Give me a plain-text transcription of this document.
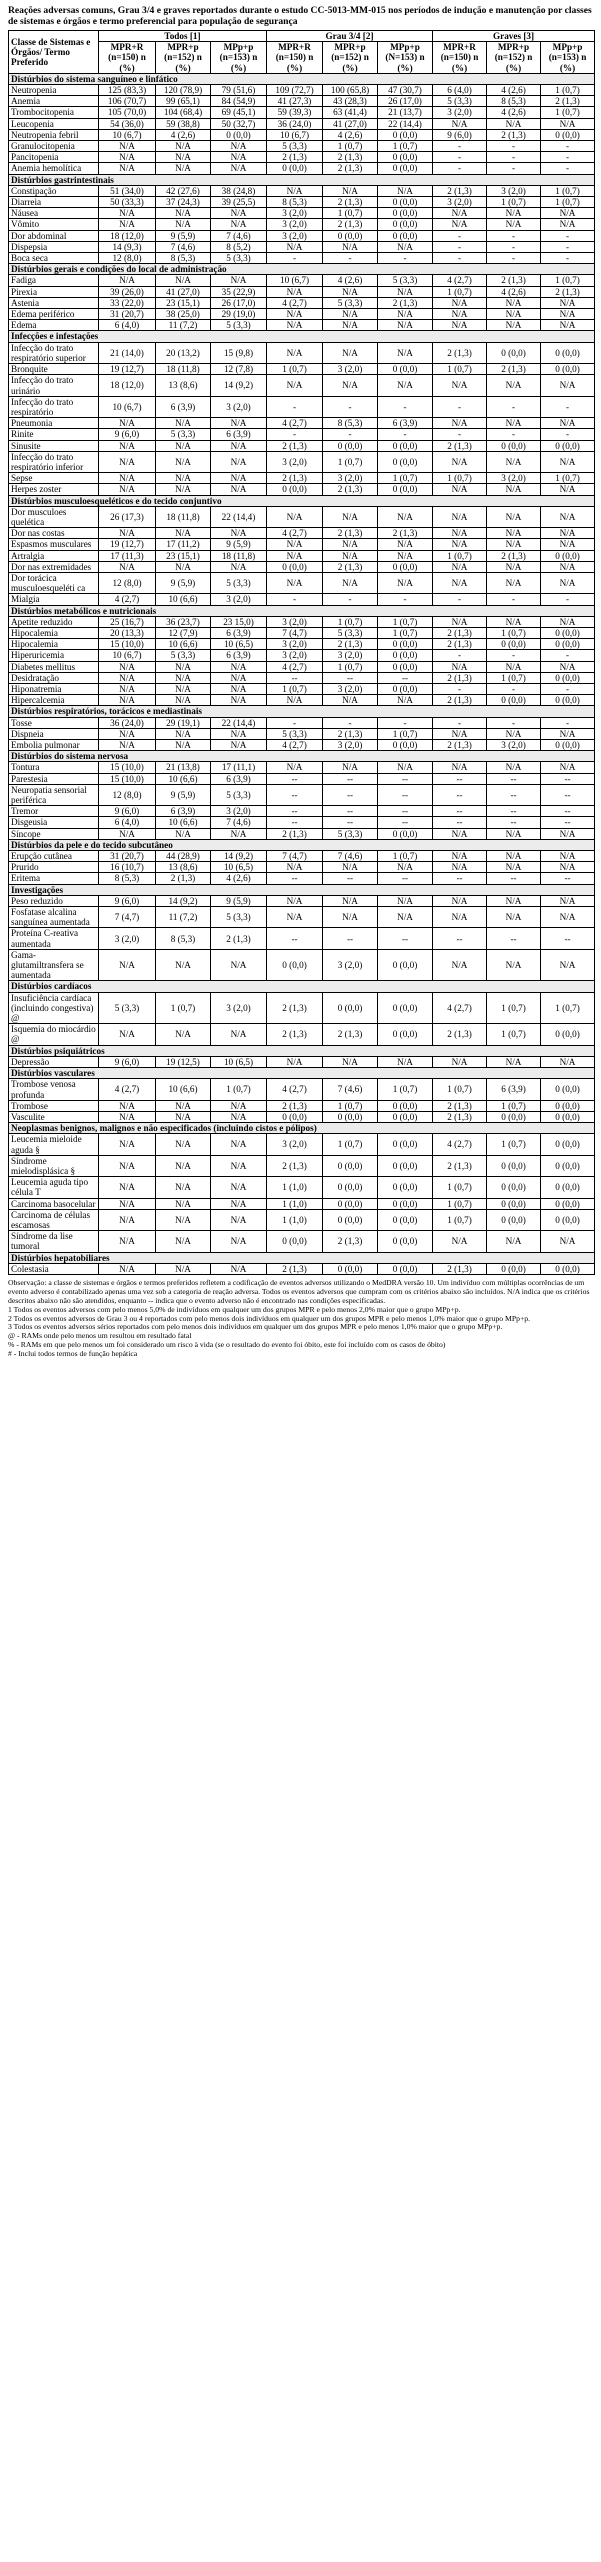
Reações adversas comuns, Grau 3/4 e graves reportados durante o estudo CC-5013-MM-015 nos períodos de indução e manutenção por classes de sistemas e órgãos e termo preferencial para população de segurança
Classe de Sistemas e Órgãos/ Termo Preferido	Todos [1]			Grau 3/4 [2]			Graves [3]		
	MPR+R (n=150) n (%)	MPR+p (n=152) n (%)	MPp+p (n=153) n (%)	MPR+R (n=150) n (%)	MPR+p (n=152) n (%)	MPp+p (N=153) n (%)	MPR+R (n=150) n (%)	MPR+p (n=152) n (%)	MPp+p (n=153) n (%)
Distúrbios do sistema sanguíneo e linfático									
Neutropenia	125 (83,3)	120 (78,9)	79 (51,6)	109 (72,7)	100 (65,8)	47 (30,7)	6 (4,0)	4 (2,6)	1 (0,7)
Anemia	106 (70,7)	99 (65,1)	84 (54,9)	41 (27,3)	43 (28,3)	26 (17,0)	5 (3,3)	8 (5,3)	2 (1,3)
Trombocitopenia	105 (70,0)	104 (68,4)	69 (45,1)	59 (39,3)	63 (41,4)	21 (13,7)	3 (2,0)	4 (2,6)	1 (0,7)
Leucopenia	54 (36,0)	59 (38,8)	50 (32,7)	36 (24,0)	41 (27,0)	22 (14,4)	N/A	N/A	N/A
Neutropenia febril	10 (6,7)	4 (2,6)	0 (0,0)	10 (6,7)	4 (2,6)	0 (0,0)	9 (6,0)	2 (1,3)	0 (0,0)
Granulocitopenia	N/A	N/A	N/A	5 (3,3)	1 (0,7)	1 (0,7)	-	-	-
Pancitopenia	N/A	N/A	N/A	2 (1,3)	2 (1,3)	0 (0,0)	-	-	-
Anemia hemolítica	N/A	N/A	N/A	0 (0,0)	2 (1,3)	0 (0,0)	-	-	-
Distúrbios gastrintestinais									
Constipação	51 (34,0)	42 (27,6)	38 (24,8)	N/A	N/A	N/A	2 (1,3)	3 (2,0)	1 (0,7)
Diarreia	50 (33,3)	37 (24,3)	39 (25,5)	8 (5,3)	2 (1,3)	0 (0,0)	3 (2,0)	1 (0,7)	1 (0,7)
Náusea	N/A	N/A	N/A	3 (2,0)	1 (0,7)	0 (0,0)	N/A	N/A	N/A
Vômito	N/A	N/A	N/A	3 (2,0)	2 (1,3)	0 (0,0)	N/A	N/A	N/A
Dor abdominal	18 (12,0)	9 (5,9)	7 (4,6)	3 (2,0)	0 (0,0)	0 (0,0)	-	-	-
Dispepsia	14 (9,3)	7 (4,6)	8 (5,2)	N/A	N/A	N/A	-	-	-
Boca seca	12 (8,0)	8 (5,3)	5 (3,3)	-	-	-	-	-	-
Distúrbios gerais e condições do local de administração									
Fadiga	N/A	N/A	N/A	10 (6,7)	4 (2,6)	5 (3,3)	4 (2,7)	2 (1,3)	1 (0,7)
Pirexia	39 (26,0)	41 (27,0)	35 (22,9)	N/A	N/A	N/A	1 (0,7)	4 (2,6)	2 (1,3)
Astenia	33 (22,0)	23 (15,1)	26 (17,0)	4 (2,7)	5 (3,3)	2 (1,3)	N/A	N/A	N/A
Edema periférico	31 (20,7)	38 (25,0)	29 (19,0)	N/A	N/A	N/A	N/A	N/A	N/A
Edema	6 (4,0)	11 (7,2)	5 (3,3)	N/A	N/A	N/A	N/A	N/A	N/A
Infecções e infestações									
Infecção do trato respiratório superior	21 (14,0)	20 (13,2)	15 (9,8)	N/A	N/A	N/A	2 (1,3)	0 (0,0)	0 (0,0)
Bronquite	19 (12,7)	18 (11,8)	12 (7,8)	1 (0,7)	3 (2,0)	0 (0,0)	1 (0,7)	2 (1,3)	0 (0,0)
Infecção do trato urinário	18 (12,0)	13 (8,6)	14 (9,2)	N/A	N/A	N/A	N/A	N/A	N/A
Infecção do trato respiratório	10 (6,7)	6 (3,9)	3 (2,0)	-	-	-	-	-	-
Pneumonia	N/A	N/A	N/A	4 (2,7)	8 (5,3)	6 (3,9)	N/A	N/A	N/A
Rinite	9 (6,0)	5 (3,3)	6 (3,9)	-	-	-	-	-	-
Sinusite	N/A	N/A	N/A	2 (1,3)	0 (0,0)	0 (0,0)	2 (1,3)	0 (0,0)	0 (0,0)
Infecção do trato respiratório inferior	N/A	N/A	N/A	3 (2,0)	1 (0,7)	0 (0,0)	N/A	N/A	N/A
Sepse	N/A	N/A	N/A	2 (1,3)	3 (2,0)	1 (0,7)	1 (0,7)	3 (2,0)	1 (0,7)
Herpes zoster	N/A	N/A	N/A	0 (0,0)	2 (1,3)	0 (0,0)	N/A	N/A	N/A
Distúrbios musculoesqueléticos e do tecido conjuntivo									
Dor musculoes quelética	26 (17,3)	18 (11,8)	22 (14,4)	N/A	N/A	N/A	N/A	N/A	N/A
Dor nas costas	N/A	N/A	N/A	4 (2,7)	2 (1,3)	2 (1,3)	N/A	N/A	N/A
Espasmos musculares	19 (12,7)	17 (11,2)	9 (5,9)	N/A	N/A	N/A	N/A	N/A	N/A
Artralgia	17 (11,3)	23 (15,1)	18 (11,8)	N/A	N/A	N/A	1 (0,7)	2 (1,3)	0 (0,0)
Dor nas extremidades	N/A	N/A	N/A	0 (0,0)	2 (1,3)	0 (0,0)	N/A	N/A	N/A
Dor torácica musculoesqueléti ca	12 (8,0)	9 (5,9)	5 (3,3)	N/A	N/A	N/A	N/A	N/A	N/A
Mialgia	4 (2,7)	10 (6,6)	3 (2,0)	-	-	-	-	-	-
Distúrbios metabólicos e nutricionais									
Apetite reduzido	25 (16,7)	36 (23,7)	23 15,0)	3 (2,0)	1 (0,7)	1 (0,7)	N/A	N/A	N/A
Hipocalemia	20 (13,3)	12 (7,9)	6 (3,9)	7 (4,7)	5 (3,3)	1 (0,7)	2 (1,3)	1 (0,7)	0 (0,0)
Hipocalemia	15 (10,0)	10 (6,6)	10 (6,5)	3 (2,0)	2 (1,3)	0 (0,0)	2 (1,3)	0 (0,0)	0 (0,0)
Hiperuricemia	10 (6,7)	5 (3,3)	6 (3,9)	3 (2,0)	3 (2,0)	0 (0,0)	-	-	-
Diabetes mellitus	N/A	N/A	N/A	4 (2,7)	1 (0,7)	0 (0,0)	N/A	N/A	N/A
Desidratação	N/A	N/A	N/A	--	--	--	2 (1,3)	1 (0,7)	0 (0,0)
Hiponatremia	N/A	N/A	N/A	1 (0,7)	3 (2,0)	0 (0,0)	-	-	-
Hipercalcemia	N/A	N/A	N/A	N/A	N/A	N/A	2 (1,3)	0 (0,0)	0 (0,0)
Distúrbios respiratórios, torácicos e mediastinais									
Tosse	36 (24,0)	29 (19,1)	22 (14,4)	-	-	-	-	-	-
Dispneia	N/A	N/A	N/A	5 (3,3)	2 (1,3)	1 (0,7)	N/A	N/A	N/A
Embolia pulmonar	N/A	N/A	N/A	4 (2,7)	3 (2,0)	0 (0,0)	2 (1,3)	3 (2,0)	0 (0,0)
Distúrbios do sistema nervosa									
Tontura	15 (10,0)	21 (13,8)	17 (11,1)	N/A	N/A	N/A	N/A	N/A	N/A
Parestesia	15 (10,0)	10 (6,6)	6 (3,9)	--	--	--	--	--	--
Neuropatia sensorial periférica	12 (8,0)	9 (5,9)	5 (3,3)	--	--	--	--	--	--
Tremor	9 (6,0)	6 (3,9)	3 (2,0)	--	--	--	--	--	--
Disgeusia	6 (4,0)	10 (6,6)	7 (4,6)	--	--	--	--	--	--
Síncope	N/A	N/A	N/A	2 (1,3)	5 (3,3)	0 (0,0)	N/A	N/A	N/A
Distúrbios da pele e do tecido subcutâneo									
Erupção cutânea	31 (20,7)	44 (28,9)	14 (9,2)	7 (4,7)	7 (4,6)	1 (0,7)	N/A	N/A	N/A
Prurido	16 (10,7)	13 (8,6)	10 (6,5)	N/A	N/A	N/A	N/A	N/A	N/A
Eritema	8 (5,3)	2 (1,3)	4 (2,6)	--	--	--	--	--	--
Investigações									
Peso reduzido	9 (6,0)	14 (9,2)	9 (5,9)	N/A	N/A	N/A	N/A	N/A	N/A
Fosfatase alcalina sanguínea aumentada	7 (4,7)	11 (7,2)	5 (3,3)	N/A	N/A	N/A	N/A	N/A	N/A
Proteína C-reativa aumentada	3 (2,0)	8 (5,3)	2 (1,3)	--	--	--	--	--	--
Gama-glutamiltransfera se aumentada	N/A	N/A	N/A	0 (0,0)	3 (2,0)	0 (0,0)	N/A	N/A	N/A
Distúrbios cardíacos									
Insuficiência cardíaca (incluindo congestiva) @	5 (3,3)	1 (0,7)	3 (2,0)	2 (1,3)	0 (0,0)	0 (0,0)	4 (2,7)	1 (0,7)	1 (0,7)
Isquemia do miocárdio @	N/A	N/A	N/A	2 (1,3)	2 (1,3)	0 (0,0)	2 (1,3)	1 (0,7)	0 (0,0)
Distúrbios psiquiátricos									
Depressão	9 (6,0)	19 (12,5)	10 (6,5)	N/A	N/A	N/A	N/A	N/A	N/A
Distúrbios vasculares									
Trombose venosa profunda	4 (2,7)	10 (6,6)	1 (0,7)	4 (2,7)	7 (4,6)	1 (0,7)	1 (0,7)	6 (3,9)	0 (0,0)
Trombose	N/A	N/A	N/A	2 (1,3)	1 (0,7)	0 (0,0)	2 (1,3)	1 (0,7)	0 (0,0)
Vasculite	N/A	N/A	N/A	0 (0,0)	0 (0,0)	0 (0,0)	2 (1,3)	0 (0,0)	0 (0,0)
Neoplasmas benignos, malignos e não especificados (incluindo cistos e pólipos)									
Leucemia mieloide aguda §	N/A	N/A	N/A	3 (2,0)	1 (0,7)	0 (0,0)	4 (2,7)	1 (0,7)	0 (0,0)
Síndrome mielodisplásica §	N/A	N/A	N/A	2 (1,3)	0 (0,0)	0 (0,0)	2 (1,3)	0 (0,0)	0 (0,0)
Leucemia aguda tipo célula T	N/A	N/A	N/A	1 (1,0)	0 (0,0)	0 (0,0)	1 (0,7)	0 (0,0)	0 (0,0)
Carcinoma basocelular	N/A	N/A	N/A	1 (1,0)	0 (0,0)	0 (0,0)	1 (0,7)	0 (0,0)	0 (0,0)
Carcinoma de células escamosas	N/A	N/A	N/A	1 (1,0)	0 (0,0)	0 (0,0)	1 (0,7)	0 (0,0)	0 (0,0)
Síndrome da lise tumoral	N/A	N/A	N/A	0 (0,0)	2 (1,3)	0 (0,0)	N/A	N/A	N/A
Distúrbios hepatobiliares									
Colestasia	N/A	N/A	N/A	2 (1,3)	0 (0,0)	0 (0,0)	2 (1,3)	0 (0,0)	0 (0,0)

Observação: a classe de sistemas e órgãos e termos preferidos refletem a codificação de eventos adversos utilizando o MedDRA versão 10. Um indivíduo com múltiplas ocorrências de um evento adverso é contabilizado apenas uma vez sob a categoria de reação adversa. Todos os eventos adversos que cumpram com os critérios abaixo são incluídos. N/A indica que os critérios descritos abaixo não são atendidos, enquanto -- indica que o evento adverso não é encontrado nas condições especificadas.

1 Todos os eventos adversos com pelo menos 5,0% de indivíduos em qualquer um dos grupos MPR e pelo menos 2,0% maior que o grupo MPp+p.

2 Todos os eventos adversos de Grau 3 ou 4 reportados com pelo menos dois indivíduos em qualquer um dos grupos MPR e pelo menos 1,0% maior que o grupo MPp+p.

3 Todos os eventos adversos sérios reportados com pelo menos dois indivíduos em qualquer um dos grupos MPR e pelo menos 1,0% maior que o grupo MPp+p.

@ - RAMs onde pelo menos um resultou em resultado fatal

% - RAMs em que pelo menos um foi considerado um risco à vida (se o resultado do evento foi óbito, este foi incluído com os casos de óbito)

# - Inclui todos termos de função hepática
